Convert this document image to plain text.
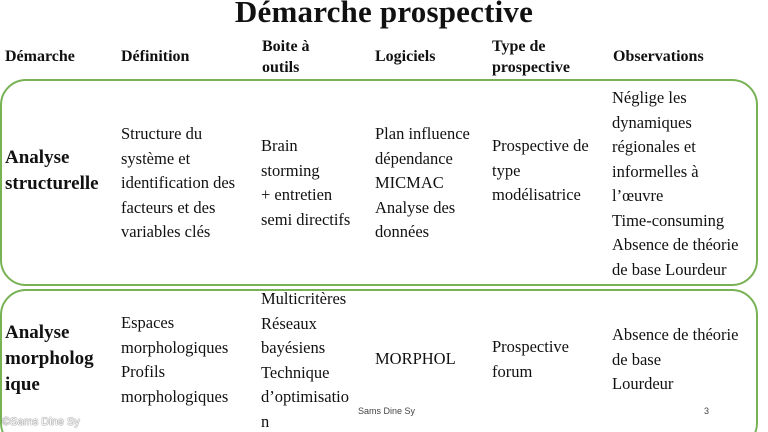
Démarche prospective
Démarche	Définition
Boite à
outils
Logiciels
Type de
prospective
Observations
Analyse
structurelle
Structure du
système et
identification des
facteurs et des
variables clés
Brain
storming
+ entretien
semi directifs
Plan influence
dépendance
MICMAC
Analyse des
données
Prospective de
type
modélisatrice
Néglige les
dynamiques
régionales et
informelles à
l’œuvre
Time-consuming
Absence de théorie
de base Lourdeur
Analyse
morpholog
ique
Espaces
morphologiques
Profils
morphologiques
Multicritères
Réseaux
bayésiens
Technique
d’optimisatio
n
MORPHOL
Prospective
forum
Absence de théorie
de base
Lourdeur
Sams Dine Sy	3
©Sams Dine Sy
